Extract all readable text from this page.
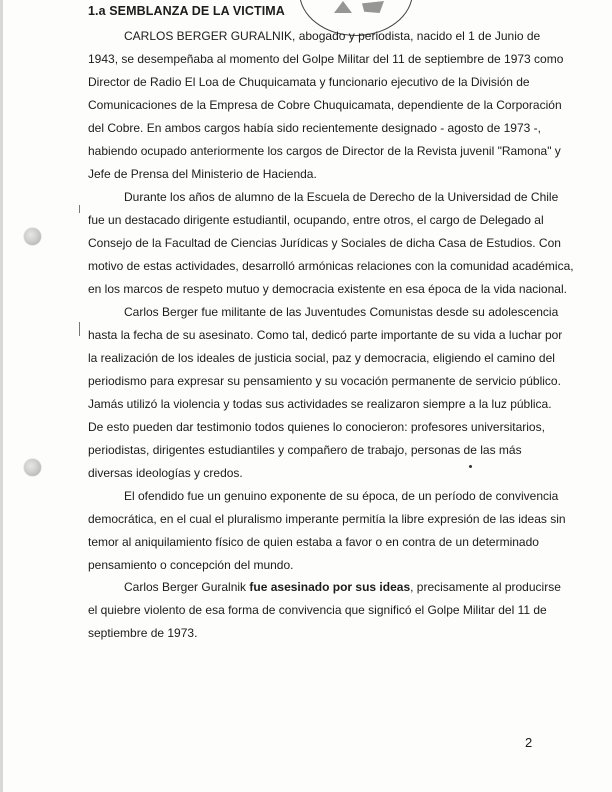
1.a SEMBLANZA DE LA VICTIMA

CARLOS BERGER GURALNIK, abogado y periodista, nacido el 1 de Junio de

1943, se desempeñaba al momento del Golpe Militar del 11 de septiembre de 1973 como

Director de Radio El Loa de Chuquicamata y funcionario ejecutivo de la División de

Comunicaciones de la Empresa de Cobre Chuquicamata, dependiente de la Corporación

del Cobre. En ambos cargos había sido recientemente designado - agosto de 1973 -,

habiendo ocupado anteriormente los cargos de Director de la Revista juvenil "Ramona" y

Jefe de Prensa del Ministerio de Hacienda.

Durante los años de alumno de la Escuela de Derecho de la Universidad de Chile

fue un destacado dirigente estudiantil, ocupando, entre otros, el cargo de Delegado al

Consejo de la Facultad de Ciencias Jurídicas y Sociales de dicha Casa de Estudios. Con

motivo de estas actividades, desarrolló armónicas relaciones con la comunidad académica,

en los marcos de respeto mutuo y democracia existente en esa época de la vida nacional.

Carlos Berger fue militante de las Juventudes Comunistas desde su adolescencia

hasta la fecha de su asesinato. Como tal, dedicó parte importante de su vida a luchar por

la realización de los ideales de justicia social, paz y democracia, eligiendo el camino del

periodismo para expresar su pensamiento y su vocación permanente de servicio público.

Jamás utilizó la violencia y todas sus actividades se realizaron siempre a la luz pública.

De esto pueden dar testimonio todos quienes lo conocieron: profesores universitarios,

periodistas, dirigentes estudiantiles y compañero de trabajo, personas de las más

diversas ideologías y credos.

El ofendido fue un genuino exponente de su época, de un período de convivencia

democrática, en el cual el pluralismo imperante permitía la libre expresión de las ideas sin

temor al aniquilamiento físico de quien estaba a favor o en contra de un determinado

pensamiento o concepción del mundo.

Carlos Berger Guralnik fue asesinado por sus ideas, precisamente al producirse

el quiebre violento de esa forma de convivencia que significó el Golpe Militar del 11 de

septiembre de 1973.

2
